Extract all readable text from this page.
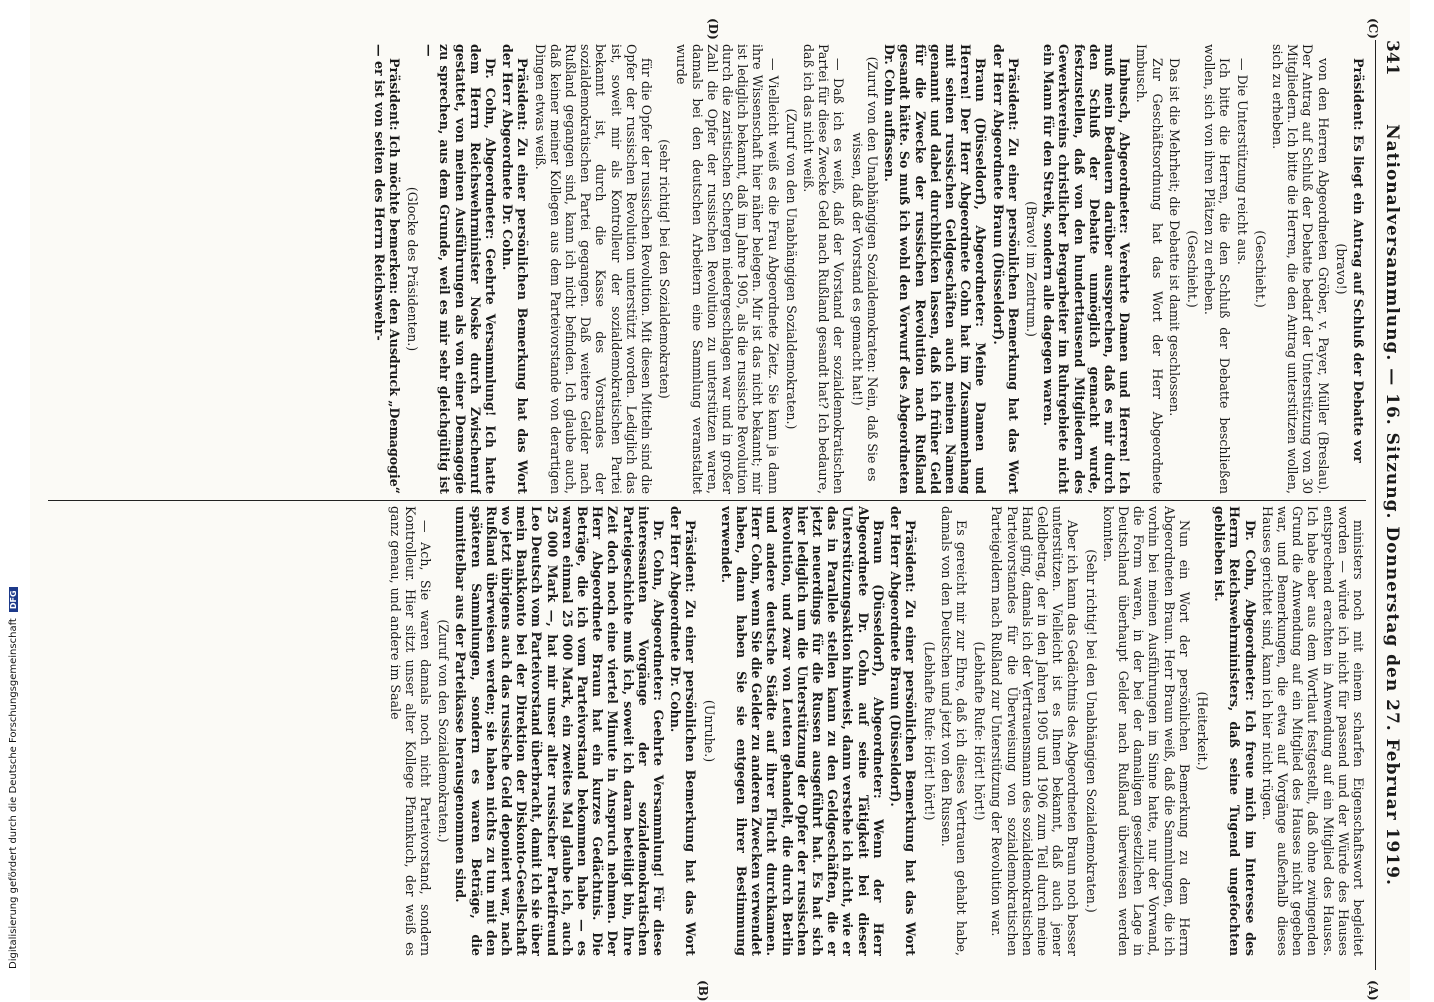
341
Nationalversammlung. — 16. Sitzung. Donnerstag den 27. Februar 1919.
(C)
(D)
(A)
(B)

Präsident: Es liegt ein Antrag auf Schluß der Debatte vor

(bravo!)

von den Herren Abgeordneten Gröber, v. Payer, Müller (Breslau). Der Antrag auf Schluß der Debatte bedarf der Unterstützung von 30 Mitgliedern. Ich bitte die Herren, die den Antrag unterstützen wollen, sich zu erheben.

(Geschieht.)

— Die Unterstützung reicht aus.

Ich bitte die Herren, die den Schluß der Debatte beschließen wollen, sich von ihren Plätzen zu erheben.

(Geschieht.)

Das ist die Mehrheit; die Debatte ist damit geschlossen.

Zur Geschäftsordnung hat das Wort der Herr Abgeordnete Imbusch.

Imbusch, Abgeordneter: Verehrte Damen und Herren! Ich muß mein Bedauern darüber aussprechen, daß es mir durch den Schluß der Debatte unmöglich gemacht wurde, festzustellen, daß von den hunderttausend Mitgliedern des Gewerkvereins christlicher Bergarbeiter im Ruhrgebiete nicht ein Mann für den Streik, sondern alle dagegen waren.

(Bravo! im Zentrum.)

Präsident: Zu einer persönlichen Bemerkung hat das Wort der Herr Abgeordnete Braun (Düsseldorf).

Braun (Düsseldorf), Abgeordneter: Meine Damen und Herren! Der Herr Abgeordnete Cohn hat im Zusammenhang mit seinen russischen Geldgeschäften auch meinen Namen genannt und dabei durchblicken lassen, daß ich früher Geld für die Zwecke der russischen Revolution nach Rußland gesandt hätte. So muß ich wohl den Vorwurf des Abgeordneten Dr. Cohn auffassen.

(Zuruf von den Unabhängigen Sozialdemokraten: Nein, daß Sie es wissen, daß der Vorstand es gemacht hat!)

— Daß ich es weiß, daß der Vorstand der sozialdemokratischen Partei für diese Zwecke Geld nach Rußland gesandt hat? Ich bedaure, daß ich das nicht weiß.

(Zuruf von den Unabhängigen Sozialdemokraten.)

— Vielleicht weiß es die Frau Abgeordnete Zietz. Sie kann ja dann ihre Wissenschaft hier näher belegen. Mir ist das nicht bekannt; mir ist lediglich bekannt, daß im Jahre 1905, als die russische Revolution durch die zaristischen Schergen niedergeschlagen war und in großer Zahl die Opfer der russischen Revolution zu unterstützen waren, damals bei den deutschen Arbeitern eine Sammlung veranstaltet wurde

(sehr richtig! bei den Sozialdemokraten)

für die Opfer der russischen Revolution. Mit diesen Mitteln sind die Opfer der russischen Revolution unterstützt worden. Lediglich das ist, soweit mir als Kontrolleur der sozialdemokratischen Partei bekannt ist, durch die Kasse des Vorstandes der sozialdemokratischen Partei gegangen. Daß weitere Gelder nach Rußland gegangen sind, kann ich nicht befinden. Ich glaube auch, daß keiner meiner Kollegen aus dem Parteivorstande von derartigen Dingen etwas weiß.

Präsident: Zu einer persönlichen Bemerkung hat das Wort der Herr Abgeordnete Dr. Cohn.

Dr. Cohn, Abgeordneter: Geehrte Versammlung! Ich hatte dem Herrn Reichswehrminister Noske durch Zwischenruf gestattet, von meinen Ausführungen als von einer Demagogie zu sprechen, aus dem Grunde, weil es mir sehr gleichgültig ist —

(Glocke des Präsidenten.)

Präsident: Ich möchte bemerken: den Ausdruck „Demagogie“ — er ist von seiten des Herrn Reichswehr-

ministers noch mit einem scharfen Eigenschaftswort begleitet worden — würde ich nicht für passend und der Würde des Hauses entsprechend erachten in Anwendung auf ein Mitglied des Hauses. Ich habe aber aus dem Wortlaut festgestellt, daß ohne zwingenden Grund die Anwendung auf ein Mitglied des Hauses nicht gegeben war, und Bemerkungen, die etwa auf Vorgänge außerhalb dieses Hauses gerichtet sind, kann ich hier nicht rügen.

Dr. Cohn, Abgeordneter: Ich freue mich im Interesse des Herrn Reichswehrministers, daß seine Tugend ungefochten geblieben ist.

(Heiterkeit.)

Nun ein Wort der persönlichen Bemerkung zu dem Herrn Abgeordneten Braun. Herr Braun weiß, daß die Sammlungen, die ich vorhin bei meinen Ausführungen im Sinne hatte, nur der Vorwand, die Form waren, in der bei der damaligen gesetzlichen Lage in Deutschland überhaupt Gelder nach Rußland überwiesen werden konnten.

(Sehr richtig! bei den Unabhängigen Sozialdemokraten.)

Aber ich kann das Gedächtnis des Abgeordneten Braun noch besser unterstützen. Vielleicht ist es Ihnen bekannt, daß auch jener Geldbetrag, der in den Jahren 1905 und 1906 zum Teil durch meine Hand ging, damals ich der Vertrauensmann des sozialdemokratischen Parteivorstandes für die Überweisung von sozialdemokratischen Parteigeldern nach Rußland zur Unterstützung der Revolution war.

(Lebhafte Rufe: Hört! hört!)

Es gereicht mir zur Ehre, daß ich dieses Vertrauen gehabt habe, damals von den Deutschen und jetzt von den Russen.

(Lebhafte Rufe: Hört! hört!)

Präsident: Zu einer persönlichen Bemerkung hat das Wort der Herr Abgeordnete Braun (Düsseldorf).

Braun (Düsseldorf), Abgeordneter: Wenn der Herr Abgeordnete Dr. Cohn auf seine Tätigkeit bei dieser Unterstützungsaktion hinweist, dann verstehe ich nicht, wie er das in Parallele stellen kann zu den Geldgeschäften, die er jetzt neuerdings für die Russen ausgeführt hat. Es hat sich hier lediglich um die Unterstützung der Opfer der russischen Revolution, und zwar von Leuten gehandelt, die durch Berlin und andere deutsche Städte auf ihrer Flucht durchkamen. Herr Cohn, wenn Sie die Gelder zu anderen Zwecken verwendet haben, dann haben Sie sie entgegen ihrer Bestimmung verwendet.

(Unruhe.)

Präsident: Zu einer persönlichen Bemerkung hat das Wort der Herr Abgeordnete Dr. Cohn.

Dr. Cohn, Abgeordneter: Geehrte Versammlung! Für diese interessanten Vorgänge der sozialdemokratischen Parteigeschichte muß ich, soweit ich daran beteiligt bin, Ihre Zeit doch noch eine viertel Minute in Anspruch nehmen. Der Herr Abgeordnete Braun hat ein kurzes Gedächtnis. Die Beträge, die ich vom Parteivorstand bekommen habe — es waren einmal 25 000 Mark, ein zweites Mal glaube ich, auch 25 000 Mark —, hat mir unser alter russischer Parteifreund Leo Deutsch vom Parteivorstand überbracht, damit ich sie über mein Bankkonto bei der Direktion der Diskonto-Gesellschaft wo jetzt übrigens auch das russische Geld deponiert war, nach Rußland überweisen werden; sie haben nichts zu tun mit den späteren Sammlungen, sondern es waren Beträge, die unmittelbar aus der Parteikasse herausgenommen sind.

(Zuruf von den Sozialdemokraten.)

— Ach, Sie waren damals noch nicht Parteivorstand, sondern Kontrolleur. Hier sitzt unser alter Kollege Pfannkuch, der weiß es ganz genau, und andere im Saale

Digitalisierung gefördert durch die Deutsche ForschungsgemeinschaftDFG
